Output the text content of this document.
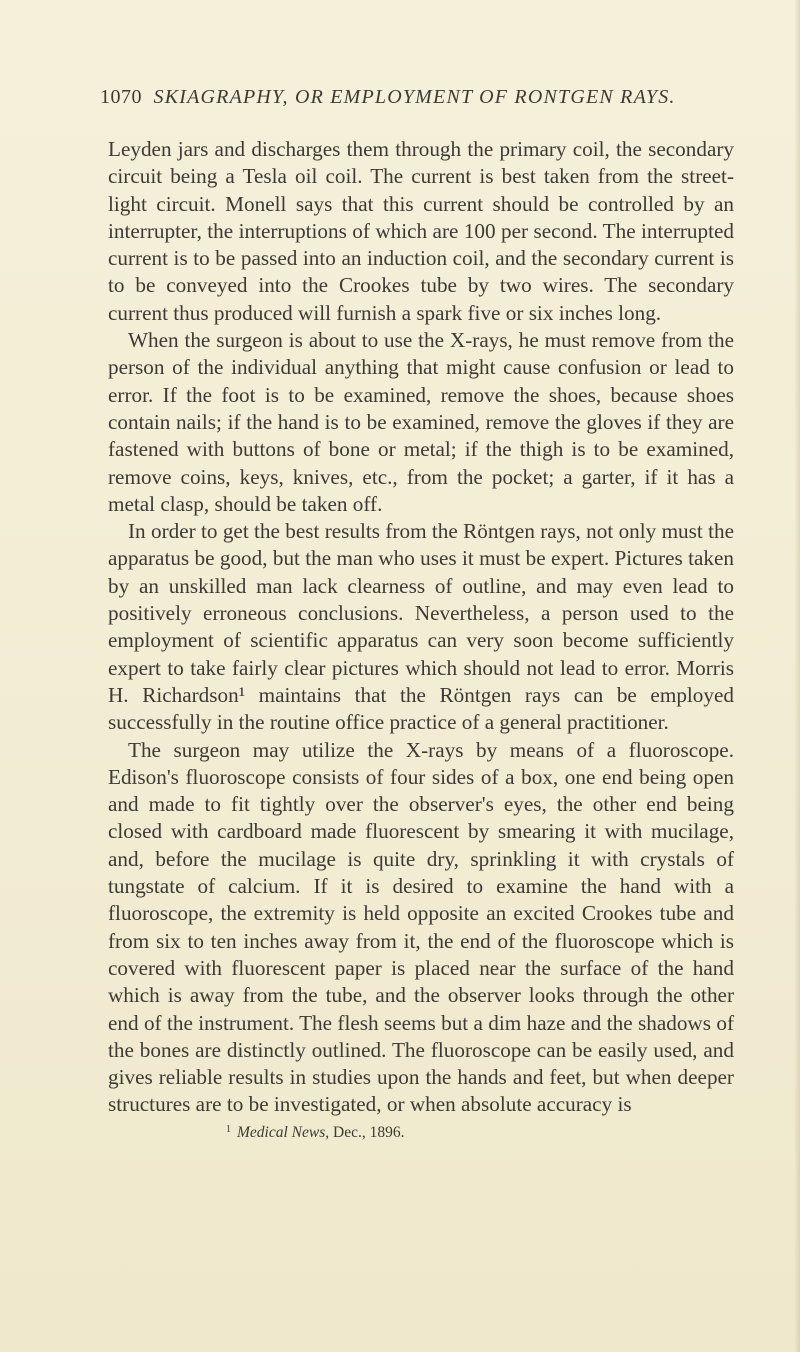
1070 SKIAGRAPHY, OR EMPLOYMENT OF RONTGEN RAYS.

Leyden jars and discharges them through the primary coil, the secondary circuit being a Tesla oil coil. The current is best taken from the street-light circuit. Monell says that this current should be controlled by an interrupter, the interruptions of which are 100 per second. The interrupted current is to be passed into an induction coil, and the secondary current is to be conveyed into the Crookes tube by two wires. The secondary current thus produced will furnish a spark five or six inches long.

When the surgeon is about to use the X-rays, he must remove from the person of the individual anything that might cause confusion or lead to error. If the foot is to be examined, remove the shoes, because shoes contain nails; if the hand is to be examined, remove the gloves if they are fastened with buttons of bone or metal; if the thigh is to be examined, remove coins, keys, knives, etc., from the pocket; a garter, if it has a metal clasp, should be taken off.

In order to get the best results from the Röntgen rays, not only must the apparatus be good, but the man who uses it must be expert. Pictures taken by an unskilled man lack clearness of outline, and may even lead to positively erroneous conclusions. Nevertheless, a person used to the employment of scientific apparatus can very soon become sufficiently expert to take fairly clear pictures which should not lead to error. Morris H. Richardson¹ maintains that the Röntgen rays can be employed successfully in the routine office practice of a general practitioner.

The surgeon may utilize the X-rays by means of a fluoroscope. Edison's fluoroscope consists of four sides of a box, one end being open and made to fit tightly over the observer's eyes, the other end being closed with cardboard made fluorescent by smearing it with mucilage, and, before the mucilage is quite dry, sprinkling it with crystals of tungstate of calcium. If it is desired to examine the hand with a fluoroscope, the extremity is held opposite an excited Crookes tube and from six to ten inches away from it, the end of the fluoroscope which is covered with fluorescent paper is placed near the surface of the hand which is away from the tube, and the observer looks through the other end of the instrument. The flesh seems but a dim haze and the shadows of the bones are distinctly outlined. The fluoroscope can be easily used, and gives reliable results in studies upon the hands and feet, but when deeper structures are to be investigated, or when absolute accuracy is

$^1$ Medical News, Dec., 1896.
